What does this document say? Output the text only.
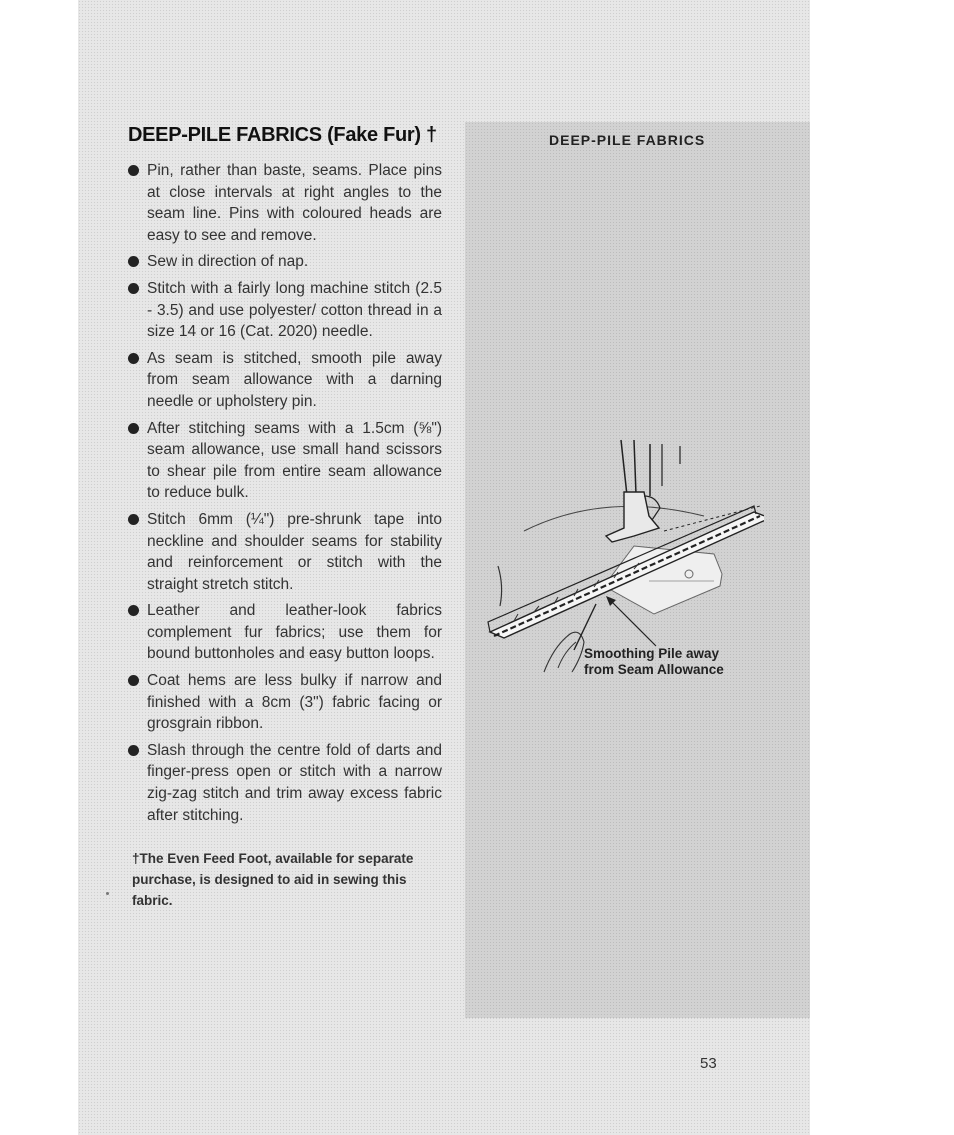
DEEP-PILE FABRICS (Fake Fur) †	DEEP-PILE FABRICS
Pin, rather than baste, seams. Place pins at close intervals at right angles to the seam line. Pins with coloured heads are easy to see and remove.
Sew in direction of nap.
Stitch with a fairly long machine stitch (2.5 - 3.5) and use polyester/ cotton thread in a size 14 or 16 (Cat. 2020) needle.
As seam is stitched, smooth pile away from seam allowance with a darning needle or upholstery pin.
After stitching seams with a 1.5cm (⅝") seam allowance, use small hand scissors to shear pile from entire seam allowance to reduce bulk.
Stitch 6mm (¼") pre-shrunk tape into neckline and shoulder seams for stability and reinforcement or stitch with the straight stretch stitch.
Leather and leather-look fabrics complement fur fabrics; use them for bound buttonholes and easy button loops.
Coat hems are less bulky if narrow and finished with a 8cm (3") fabric facing or grosgrain ribbon.
Slash through the centre fold of darts and finger-press open or stitch with a narrow zig-zag stitch and trim away excess fabric after stitching.
†The Even Feed Foot, available for separate purchase, is designed to aid in sewing this fabric.
Smoothing Pile away
from Seam Allowance
53
